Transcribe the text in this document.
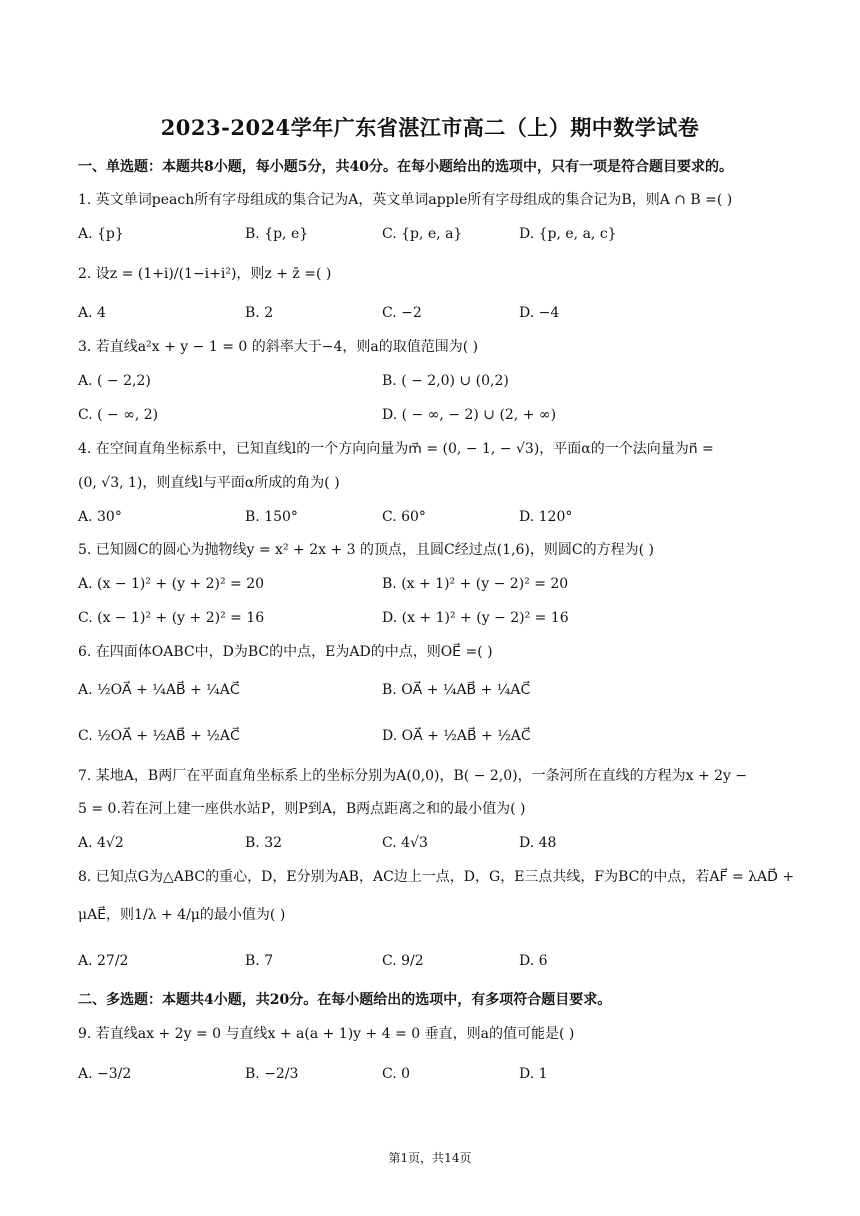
2023-2024学年广东省湛江市高二（上）期中数学试卷
一、单选题：本题共8小题，每小题5分，共40分。在每小题给出的选项中，只有一项是符合题目要求的。
1. 英文单词peach所有字母组成的集合记为A，英文单词apple所有字母组成的集合记为B，则A ∩ B =( )
A. {p}	B. {p, e}	C. {p, e, a}	D. {p, e, a, c}
2. 设z = (1+i)/(1−i+i²)，则z + z̄ =( )
A. 4	B. 2	C. −2	D. −4
3. 若直线a²x + y − 1 = 0 的斜率大于−4，则a的取值范围为( )
A. ( − 2,2)	B. ( − 2,0) ∪ (0,2)
C. ( − ∞, 2)	D. ( − ∞, − 2) ∪ (2, + ∞)
4. 在空间直角坐标系中，已知直线l的一个方向向量为m⃗ = (0, − 1, − √3)，平面α的一个法向量为n⃗ =
(0, √3, 1)，则直线l与平面α所成的角为( )
A. 30°	B. 150°	C. 60°	D. 120°
5. 已知圆C的圆心为抛物线y = x² + 2x + 3 的顶点，且圆C经过点(1,6)，则圆C的方程为( )
A. (x − 1)² + (y + 2)² = 20	B. (x + 1)² + (y − 2)² = 20
C. (x − 1)² + (y + 2)² = 16	D. (x + 1)² + (y − 2)² = 16
6. 在四面体OABC中，D为BC的中点，E为AD的中点，则OE⃗ =( )
A. ½OA⃗ + ¼AB⃗ + ¼AC⃗	B. OA⃗ + ¼AB⃗ + ¼AC⃗
C. ½OA⃗ + ½AB⃗ + ½AC⃗	D. OA⃗ + ½AB⃗ + ½AC⃗
7. 某地A，B两厂在平面直角坐标系上的坐标分别为A(0,0)，B( − 2,0)，一条河所在直线的方程为x + 2y −
5 = 0.若在河上建一座供水站P，则P到A，B两点距离之和的最小值为( )
A. 4√2	B. 32	C. 4√3	D. 48
8. 已知点G为△ABC的重心，D，E分别为AB，AC边上一点，D，G，E三点共线，F为BC的中点，若AF⃗ = λAD⃗ +
μAE⃗，则1/λ + 4/μ的最小值为( )
A. 27/2	B. 7	C. 9/2	D. 6
二、多选题：本题共4小题，共20分。在每小题给出的选项中，有多项符合题目要求。
9. 若直线ax + 2y = 0 与直线x + a(a + 1)y + 4 = 0 垂直，则a的值可能是( )
A. −3/2	B. −2/3	C. 0	D. 1
第1页，共14页
